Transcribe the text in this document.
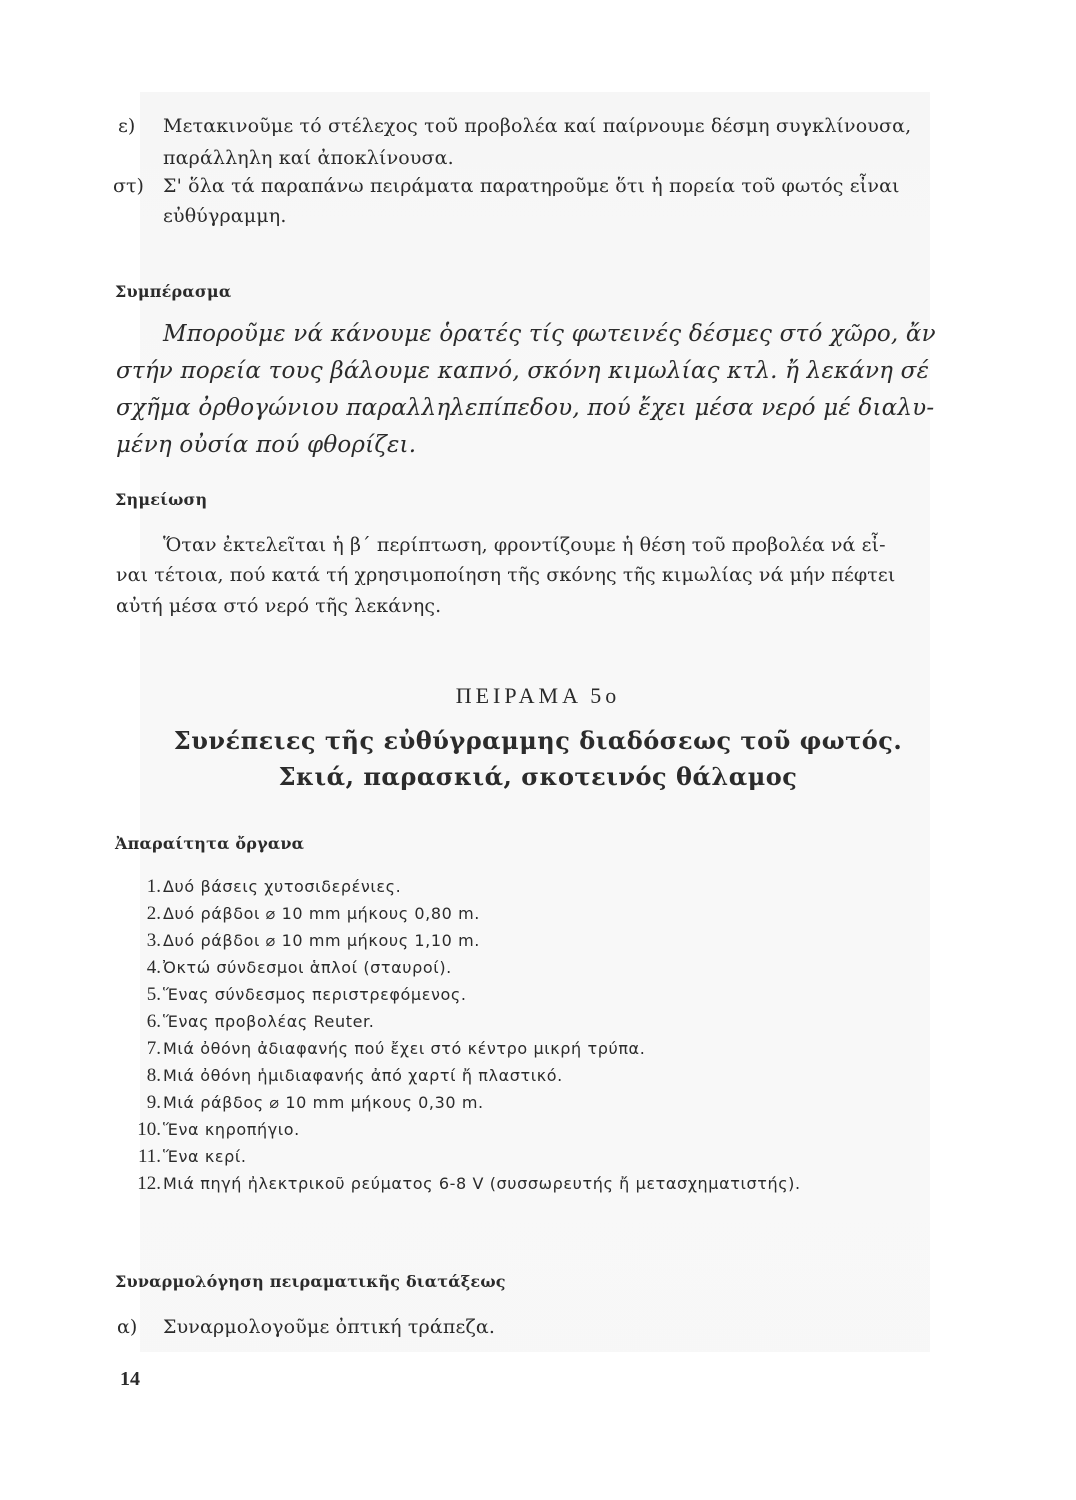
ε) Μετακινοῦμε τό στέλεχος τοῦ προβολέα καί παίρνουμε δέσμη συγκλίνουσα,
παράλληλη καί ἀποκλίνουσα.
στ) Σ' ὅλα τά παραπάνω πειράματα παρατηροῦμε ὅτι ἡ πορεία τοῦ φωτός εἶναι
εὐθύγραμμη.
Συμπέρασμα
Μποροῦμε νά κάνουμε ὁρατές τίς φωτεινές δέσμες στό χῶρο, ἄν
στήν πορεία τους βάλουμε καπνό, σκόνη κιμωλίας κτλ. ἤ λεκάνη σέ
σχῆμα ὀρθογώνιου παραλληλεπίπεδου, πού ἔχει μέσα νερό μέ διαλυ-
μένη οὐσία πού φθορίζει.
Σημείωση
Ὅταν ἐκτελεῖται ἡ β΄ περίπτωση, φροντίζουμε ἡ θέση τοῦ προβολέα νά εἶ-
ναι τέτοια, πού κατά τή χρησιμοποίηση τῆς σκόνης τῆς κιμωλίας νά μήν πέφτει
αὐτή μέσα στό νερό τῆς λεκάνης.
ΠΕΙΡΑΜΑ 5ο
Συνέπειες τῆς εὐθύγραμμης διαδόσεως τοῦ φωτός.
Σκιά, παρασκιά, σκοτεινός θάλαμος
Ἀπαραίτητα ὄργανα
1. Δυό βάσεις χυτοσιδερένιες.
2. Δυό ράβδοι ⌀ 10 mm μήκους 0,80 m.
3. Δυό ράβδοι ⌀ 10 mm μήκους 1,10 m.
4. Ὀκτώ σύνδεσμοι ἁπλοί (σταυροί).
5. Ἕνας σύνδεσμος περιστρεφόμενος.
6. Ἕνας προβολέας Reuter.
7. Μιά ὀθόνη ἀδιαφανής πού ἔχει στό κέντρο μικρή τρύπα.
8. Μιά ὀθόνη ἡμιδιαφανής ἀπό χαρτί ἤ πλαστικό.
9. Μιά ράβδος ⌀ 10 mm μήκους 0,30 m.
10. Ἕνα κηροπήγιο.
11. Ἕνα κερί.
12. Μιά πηγή ἠλεκτρικοῦ ρεύματος 6-8 V (συσσωρευτής ἤ μετασχηματιστής).
Συναρμολόγηση πειραματικῆς διατάξεως
α) Συναρμολογοῦμε ὀπτική τράπεζα.
14
